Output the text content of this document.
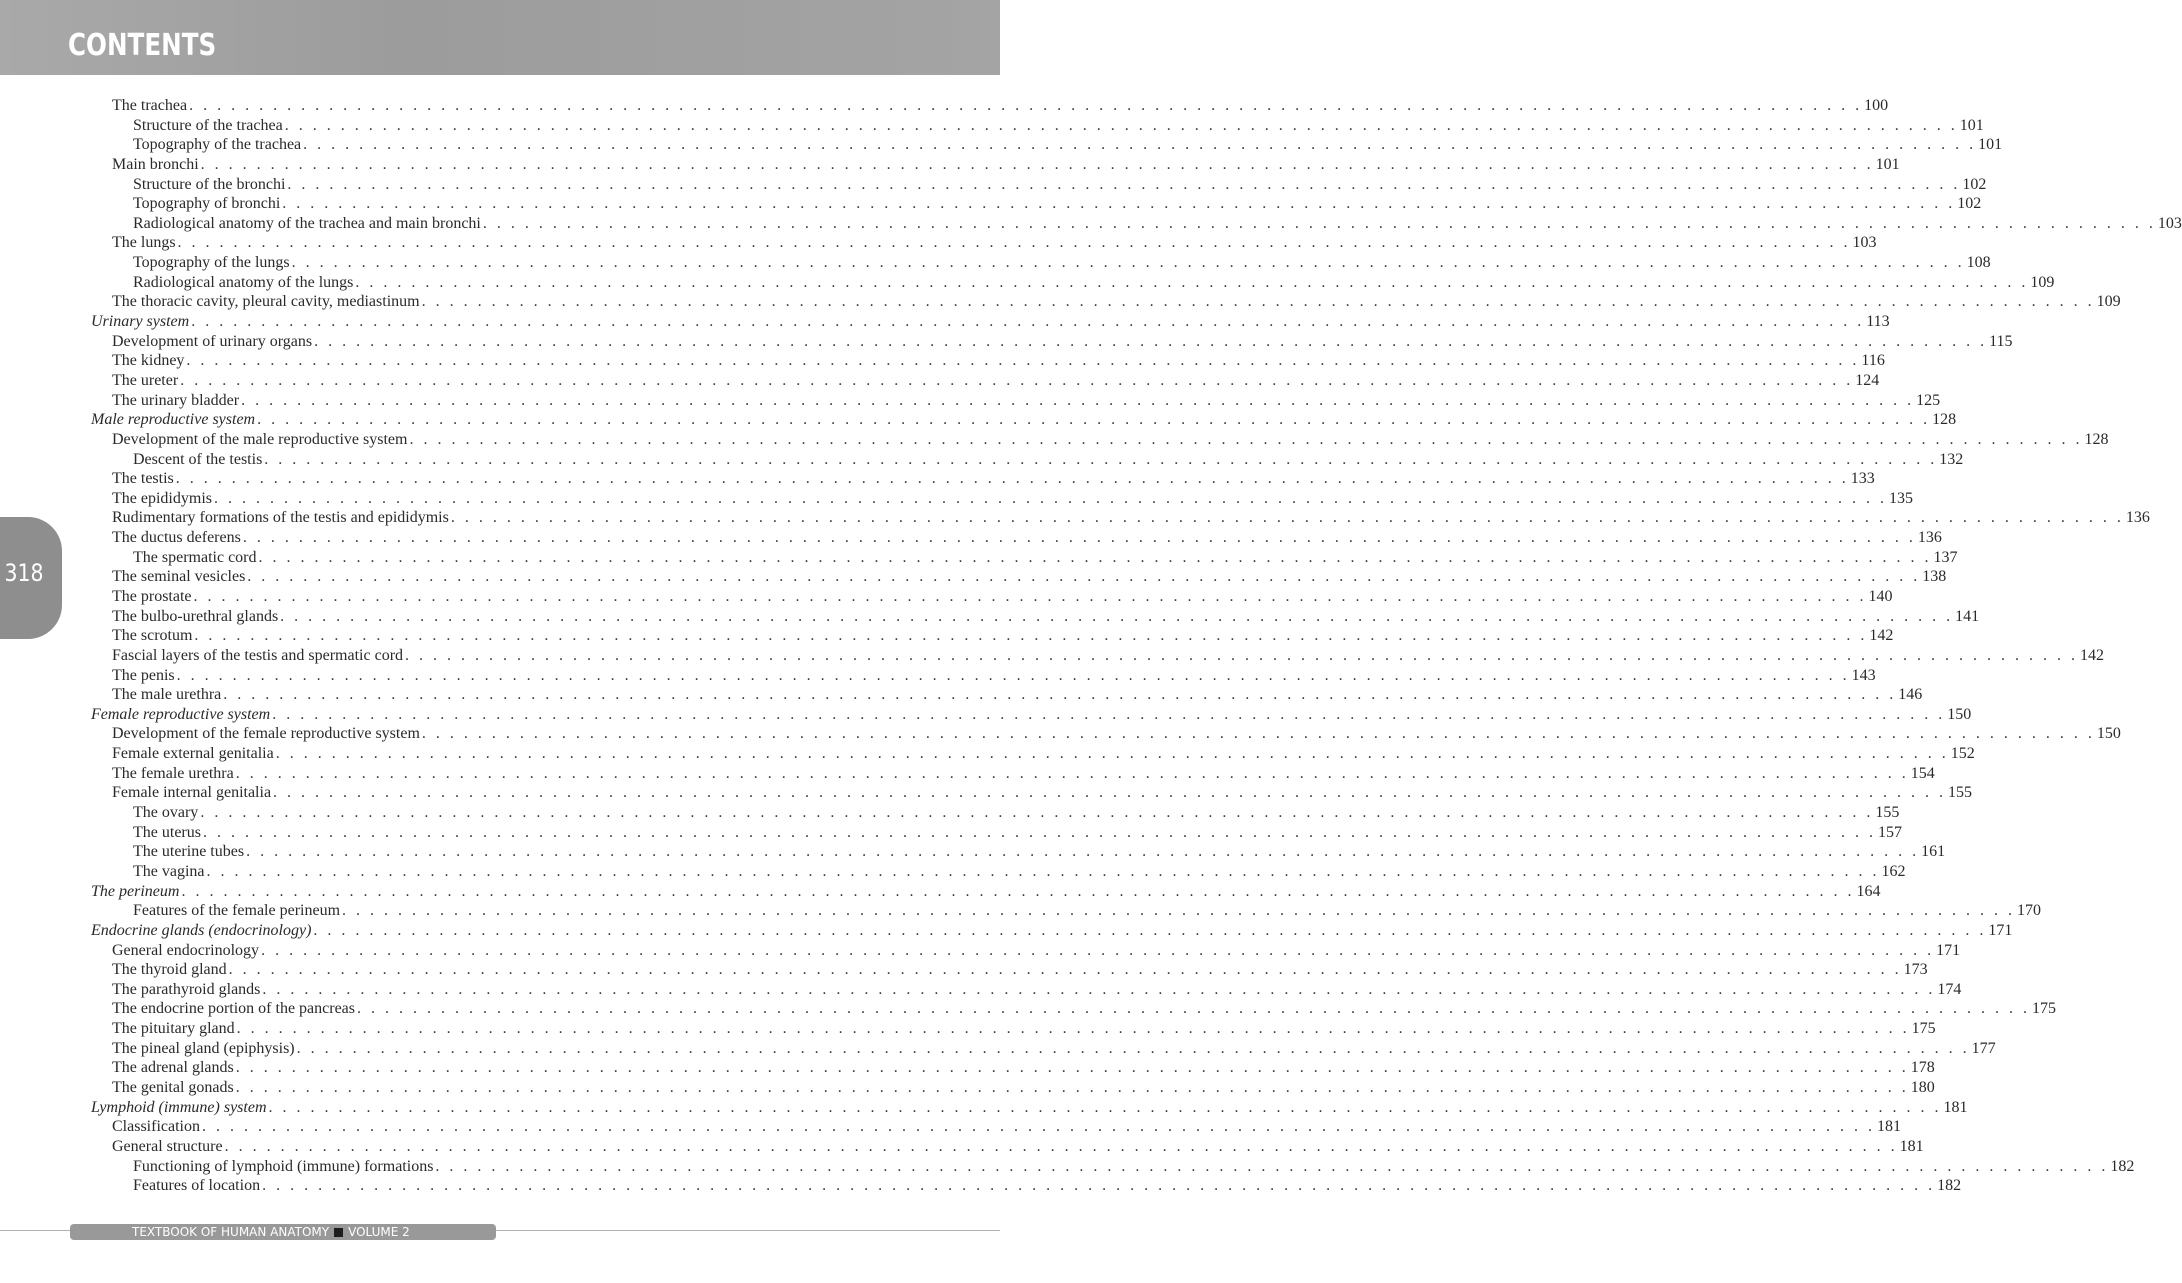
CONTENTS
318
The trachea . . . . . . . . . . . . . . . . . . . . . . . . . . . . . . . . . . . . . . . . . . . . . . . . . . . . . . . . . . . . . . . . . . . . . . . . . . . . . . . . . . . . . . . . . . . . . . . . . . . . . . . . . . . . . . . . . . . . . . . . 100
Structure of the trachea . . . . . . . . . . . . . . . . . . . . . . . . . . . . . . . . . . . . . . . . . . . . . . . . . . . . . . . . . . . . . . . . . . . . . . . . . . . . . . . . . . . . . . . . . . . . . . . . . . . . . . . . . . . . . . . . . . . . . . . . 101
Topography of the trachea . . . . . . . . . . . . . . . . . . . . . . . . . . . . . . . . . . . . . . . . . . . . . . . . . . . . . . . . . . . . . . . . . . . . . . . . . . . . . . . . . . . . . . . . . . . . . . . . . . . . . . . . . . . . . . . . . . . . . . . . 101
Main bronchi . . . . . . . . . . . . . . . . . . . . . . . . . . . . . . . . . . . . . . . . . . . . . . . . . . . . . . . . . . . . . . . . . . . . . . . . . . . . . . . . . . . . . . . . . . . . . . . . . . . . . . . . . . . . . . . . . . . . . . . . 101
Structure of the bronchi . . . . . . . . . . . . . . . . . . . . . . . . . . . . . . . . . . . . . . . . . . . . . . . . . . . . . . . . . . . . . . . . . . . . . . . . . . . . . . . . . . . . . . . . . . . . . . . . . . . . . . . . . . . . . . . . . . . . . . . . 102
Topography of bronchi . . . . . . . . . . . . . . . . . . . . . . . . . . . . . . . . . . . . . . . . . . . . . . . . . . . . . . . . . . . . . . . . . . . . . . . . . . . . . . . . . . . . . . . . . . . . . . . . . . . . . . . . . . . . . . . . . . . . . . . . 102
Radiological anatomy of the trachea and main bronchi . . . . . . . . . . . . . . . . . . . . . . . . . . . . . . . . . . . . . . . . . . . . . . . . . . . . . . . . . . . . . . . . . . . . . . . . . . . . . . . . . . . . . . . . . . . . . . . . . . . . . . . . . . . . . . . . . . . . . . . . 103
The lungs . . . . . . . . . . . . . . . . . . . . . . . . . . . . . . . . . . . . . . . . . . . . . . . . . . . . . . . . . . . . . . . . . . . . . . . . . . . . . . . . . . . . . . . . . . . . . . . . . . . . . . . . . . . . . . . . . . . . . . . . 103
Topography of the lungs . . . . . . . . . . . . . . . . . . . . . . . . . . . . . . . . . . . . . . . . . . . . . . . . . . . . . . . . . . . . . . . . . . . . . . . . . . . . . . . . . . . . . . . . . . . . . . . . . . . . . . . . . . . . . . . . . . . . . . . . 108
Radiological anatomy of the lungs . . . . . . . . . . . . . . . . . . . . . . . . . . . . . . . . . . . . . . . . . . . . . . . . . . . . . . . . . . . . . . . . . . . . . . . . . . . . . . . . . . . . . . . . . . . . . . . . . . . . . . . . . . . . . . . . . . . . . . . . 109
The thoracic cavity, pleural cavity, mediastinum . . . . . . . . . . . . . . . . . . . . . . . . . . . . . . . . . . . . . . . . . . . . . . . . . . . . . . . . . . . . . . . . . . . . . . . . . . . . . . . . . . . . . . . . . . . . . . . . . . . . . . . . . . . . . . . . . . . . . . . . 109
Urinary system . . . . . . . . . . . . . . . . . . . . . . . . . . . . . . . . . . . . . . . . . . . . . . . . . . . . . . . . . . . . . . . . . . . . . . . . . . . . . . . . . . . . . . . . . . . . . . . . . . . . . . . . . . . . . . . . . . . . . . . . 113
Development of urinary organs . . . . . . . . . . . . . . . . . . . . . . . . . . . . . . . . . . . . . . . . . . . . . . . . . . . . . . . . . . . . . . . . . . . . . . . . . . . . . . . . . . . . . . . . . . . . . . . . . . . . . . . . . . . . . . . . . . . . . . . . 115
The kidney . . . . . . . . . . . . . . . . . . . . . . . . . . . . . . . . . . . . . . . . . . . . . . . . . . . . . . . . . . . . . . . . . . . . . . . . . . . . . . . . . . . . . . . . . . . . . . . . . . . . . . . . . . . . . . . . . . . . . . . . 116
The ureter . . . . . . . . . . . . . . . . . . . . . . . . . . . . . . . . . . . . . . . . . . . . . . . . . . . . . . . . . . . . . . . . . . . . . . . . . . . . . . . . . . . . . . . . . . . . . . . . . . . . . . . . . . . . . . . . . . . . . . . . 124
The urinary bladder . . . . . . . . . . . . . . . . . . . . . . . . . . . . . . . . . . . . . . . . . . . . . . . . . . . . . . . . . . . . . . . . . . . . . . . . . . . . . . . . . . . . . . . . . . . . . . . . . . . . . . . . . . . . . . . . . . . . . . . . 125
Male reproductive system . . . . . . . . . . . . . . . . . . . . . . . . . . . . . . . . . . . . . . . . . . . . . . . . . . . . . . . . . . . . . . . . . . . . . . . . . . . . . . . . . . . . . . . . . . . . . . . . . . . . . . . . . . . . . . . . . . . . . . . . 128
Development of the male reproductive system . . . . . . . . . . . . . . . . . . . . . . . . . . . . . . . . . . . . . . . . . . . . . . . . . . . . . . . . . . . . . . . . . . . . . . . . . . . . . . . . . . . . . . . . . . . . . . . . . . . . . . . . . . . . . . . . . . . . . . . . 128
Descent of the testis . . . . . . . . . . . . . . . . . . . . . . . . . . . . . . . . . . . . . . . . . . . . . . . . . . . . . . . . . . . . . . . . . . . . . . . . . . . . . . . . . . . . . . . . . . . . . . . . . . . . . . . . . . . . . . . . . . . . . . . . 132
The testis . . . . . . . . . . . . . . . . . . . . . . . . . . . . . . . . . . . . . . . . . . . . . . . . . . . . . . . . . . . . . . . . . . . . . . . . . . . . . . . . . . . . . . . . . . . . . . . . . . . . . . . . . . . . . . . . . . . . . . . . 133
The epididymis . . . . . . . . . . . . . . . . . . . . . . . . . . . . . . . . . . . . . . . . . . . . . . . . . . . . . . . . . . . . . . . . . . . . . . . . . . . . . . . . . . . . . . . . . . . . . . . . . . . . . . . . . . . . . . . . . . . . . . . . 135
Rudimentary formations of the testis and epididymis . . . . . . . . . . . . . . . . . . . . . . . . . . . . . . . . . . . . . . . . . . . . . . . . . . . . . . . . . . . . . . . . . . . . . . . . . . . . . . . . . . . . . . . . . . . . . . . . . . . . . . . . . . . . . . . . . . . . . . . . 136
The ductus deferens . . . . . . . . . . . . . . . . . . . . . . . . . . . . . . . . . . . . . . . . . . . . . . . . . . . . . . . . . . . . . . . . . . . . . . . . . . . . . . . . . . . . . . . . . . . . . . . . . . . . . . . . . . . . . . . . . . . . . . . . 136
The spermatic cord . . . . . . . . . . . . . . . . . . . . . . . . . . . . . . . . . . . . . . . . . . . . . . . . . . . . . . . . . . . . . . . . . . . . . . . . . . . . . . . . . . . . . . . . . . . . . . . . . . . . . . . . . . . . . . . . . . . . . . . . 137
The seminal vesicles . . . . . . . . . . . . . . . . . . . . . . . . . . . . . . . . . . . . . . . . . . . . . . . . . . . . . . . . . . . . . . . . . . . . . . . . . . . . . . . . . . . . . . . . . . . . . . . . . . . . . . . . . . . . . . . . . . . . . . . . 138
The prostate . . . . . . . . . . . . . . . . . . . . . . . . . . . . . . . . . . . . . . . . . . . . . . . . . . . . . . . . . . . . . . . . . . . . . . . . . . . . . . . . . . . . . . . . . . . . . . . . . . . . . . . . . . . . . . . . . . . . . . . . 140
The bulbo-urethral glands . . . . . . . . . . . . . . . . . . . . . . . . . . . . . . . . . . . . . . . . . . . . . . . . . . . . . . . . . . . . . . . . . . . . . . . . . . . . . . . . . . . . . . . . . . . . . . . . . . . . . . . . . . . . . . . . . . . . . . . . 141
The scrotum . . . . . . . . . . . . . . . . . . . . . . . . . . . . . . . . . . . . . . . . . . . . . . . . . . . . . . . . . . . . . . . . . . . . . . . . . . . . . . . . . . . . . . . . . . . . . . . . . . . . . . . . . . . . . . . . . . . . . . . . 142
Fascial layers of the testis and spermatic cord . . . . . . . . . . . . . . . . . . . . . . . . . . . . . . . . . . . . . . . . . . . . . . . . . . . . . . . . . . . . . . . . . . . . . . . . . . . . . . . . . . . . . . . . . . . . . . . . . . . . . . . . . . . . . . . . . . . . . . . . 142
The penis . . . . . . . . . . . . . . . . . . . . . . . . . . . . . . . . . . . . . . . . . . . . . . . . . . . . . . . . . . . . . . . . . . . . . . . . . . . . . . . . . . . . . . . . . . . . . . . . . . . . . . . . . . . . . . . . . . . . . . . . 143
The male urethra . . . . . . . . . . . . . . . . . . . . . . . . . . . . . . . . . . . . . . . . . . . . . . . . . . . . . . . . . . . . . . . . . . . . . . . . . . . . . . . . . . . . . . . . . . . . . . . . . . . . . . . . . . . . . . . . . . . . . . . . 146
Female reproductive system . . . . . . . . . . . . . . . . . . . . . . . . . . . . . . . . . . . . . . . . . . . . . . . . . . . . . . . . . . . . . . . . . . . . . . . . . . . . . . . . . . . . . . . . . . . . . . . . . . . . . . . . . . . . . . . . . . . . . . . . 150
Development of the female reproductive system . . . . . . . . . . . . . . . . . . . . . . . . . . . . . . . . . . . . . . . . . . . . . . . . . . . . . . . . . . . . . . . . . . . . . . . . . . . . . . . . . . . . . . . . . . . . . . . . . . . . . . . . . . . . . . . . . . . . . . . . 150
Female external genitalia . . . . . . . . . . . . . . . . . . . . . . . . . . . . . . . . . . . . . . . . . . . . . . . . . . . . . . . . . . . . . . . . . . . . . . . . . . . . . . . . . . . . . . . . . . . . . . . . . . . . . . . . . . . . . . . . . . . . . . . . 152
The female urethra . . . . . . . . . . . . . . . . . . . . . . . . . . . . . . . . . . . . . . . . . . . . . . . . . . . . . . . . . . . . . . . . . . . . . . . . . . . . . . . . . . . . . . . . . . . . . . . . . . . . . . . . . . . . . . . . . . . . . . . . 154
Female internal genitalia . . . . . . . . . . . . . . . . . . . . . . . . . . . . . . . . . . . . . . . . . . . . . . . . . . . . . . . . . . . . . . . . . . . . . . . . . . . . . . . . . . . . . . . . . . . . . . . . . . . . . . . . . . . . . . . . . . . . . . . . 155
The ovary . . . . . . . . . . . . . . . . . . . . . . . . . . . . . . . . . . . . . . . . . . . . . . . . . . . . . . . . . . . . . . . . . . . . . . . . . . . . . . . . . . . . . . . . . . . . . . . . . . . . . . . . . . . . . . . . . . . . . . . . 155
The uterus . . . . . . . . . . . . . . . . . . . . . . . . . . . . . . . . . . . . . . . . . . . . . . . . . . . . . . . . . . . . . . . . . . . . . . . . . . . . . . . . . . . . . . . . . . . . . . . . . . . . . . . . . . . . . . . . . . . . . . . . 157
The uterine tubes . . . . . . . . . . . . . . . . . . . . . . . . . . . . . . . . . . . . . . . . . . . . . . . . . . . . . . . . . . . . . . . . . . . . . . . . . . . . . . . . . . . . . . . . . . . . . . . . . . . . . . . . . . . . . . . . . . . . . . . . 161
The vagina . . . . . . . . . . . . . . . . . . . . . . . . . . . . . . . . . . . . . . . . . . . . . . . . . . . . . . . . . . . . . . . . . . . . . . . . . . . . . . . . . . . . . . . . . . . . . . . . . . . . . . . . . . . . . . . . . . . . . . . . 162
The perineum . . . . . . . . . . . . . . . . . . . . . . . . . . . . . . . . . . . . . . . . . . . . . . . . . . . . . . . . . . . . . . . . . . . . . . . . . . . . . . . . . . . . . . . . . . . . . . . . . . . . . . . . . . . . . . . . . . . . . . . . 164
Features of the female perineum . . . . . . . . . . . . . . . . . . . . . . . . . . . . . . . . . . . . . . . . . . . . . . . . . . . . . . . . . . . . . . . . . . . . . . . . . . . . . . . . . . . . . . . . . . . . . . . . . . . . . . . . . . . . . . . . . . . . . . . . 170
Endocrine glands (endocrinology) . . . . . . . . . . . . . . . . . . . . . . . . . . . . . . . . . . . . . . . . . . . . . . . . . . . . . . . . . . . . . . . . . . . . . . . . . . . . . . . . . . . . . . . . . . . . . . . . . . . . . . . . . . . . . . . . . . . . . . . . 171
General endocrinology . . . . . . . . . . . . . . . . . . . . . . . . . . . . . . . . . . . . . . . . . . . . . . . . . . . . . . . . . . . . . . . . . . . . . . . . . . . . . . . . . . . . . . . . . . . . . . . . . . . . . . . . . . . . . . . . . . . . . . . . 171
The thyroid gland . . . . . . . . . . . . . . . . . . . . . . . . . . . . . . . . . . . . . . . . . . . . . . . . . . . . . . . . . . . . . . . . . . . . . . . . . . . . . . . . . . . . . . . . . . . . . . . . . . . . . . . . . . . . . . . . . . . . . . . . 173
The parathyroid glands . . . . . . . . . . . . . . . . . . . . . . . . . . . . . . . . . . . . . . . . . . . . . . . . . . . . . . . . . . . . . . . . . . . . . . . . . . . . . . . . . . . . . . . . . . . . . . . . . . . . . . . . . . . . . . . . . . . . . . . . 174
The endocrine portion of the pancreas . . . . . . . . . . . . . . . . . . . . . . . . . . . . . . . . . . . . . . . . . . . . . . . . . . . . . . . . . . . . . . . . . . . . . . . . . . . . . . . . . . . . . . . . . . . . . . . . . . . . . . . . . . . . . . . . . . . . . . . . 175
The pituitary gland . . . . . . . . . . . . . . . . . . . . . . . . . . . . . . . . . . . . . . . . . . . . . . . . . . . . . . . . . . . . . . . . . . . . . . . . . . . . . . . . . . . . . . . . . . . . . . . . . . . . . . . . . . . . . . . . . . . . . . . . 175
The pineal gland (epiphysis) . . . . . . . . . . . . . . . . . . . . . . . . . . . . . . . . . . . . . . . . . . . . . . . . . . . . . . . . . . . . . . . . . . . . . . . . . . . . . . . . . . . . . . . . . . . . . . . . . . . . . . . . . . . . . . . . . . . . . . . . 177
The adrenal glands . . . . . . . . . . . . . . . . . . . . . . . . . . . . . . . . . . . . . . . . . . . . . . . . . . . . . . . . . . . . . . . . . . . . . . . . . . . . . . . . . . . . . . . . . . . . . . . . . . . . . . . . . . . . . . . . . . . . . . . . 178
The genital gonads . . . . . . . . . . . . . . . . . . . . . . . . . . . . . . . . . . . . . . . . . . . . . . . . . . . . . . . . . . . . . . . . . . . . . . . . . . . . . . . . . . . . . . . . . . . . . . . . . . . . . . . . . . . . . . . . . . . . . . . . 180
Lymphoid (immune) system . . . . . . . . . . . . . . . . . . . . . . . . . . . . . . . . . . . . . . . . . . . . . . . . . . . . . . . . . . . . . . . . . . . . . . . . . . . . . . . . . . . . . . . . . . . . . . . . . . . . . . . . . . . . . . . . . . . . . . . . 181
Classification . . . . . . . . . . . . . . . . . . . . . . . . . . . . . . . . . . . . . . . . . . . . . . . . . . . . . . . . . . . . . . . . . . . . . . . . . . . . . . . . . . . . . . . . . . . . . . . . . . . . . . . . . . . . . . . . . . . . . . . . 181
General structure . . . . . . . . . . . . . . . . . . . . . . . . . . . . . . . . . . . . . . . . . . . . . . . . . . . . . . . . . . . . . . . . . . . . . . . . . . . . . . . . . . . . . . . . . . . . . . . . . . . . . . . . . . . . . . . . . . . . . . . . 181
Functioning of lymphoid (immune) formations . . . . . . . . . . . . . . . . . . . . . . . . . . . . . . . . . . . . . . . . . . . . . . . . . . . . . . . . . . . . . . . . . . . . . . . . . . . . . . . . . . . . . . . . . . . . . . . . . . . . . . . . . . . . . . . . . . . . . . . . 182
Features of location . . . . . . . . . . . . . . . . . . . . . . . . . . . . . . . . . . . . . . . . . . . . . . . . . . . . . . . . . . . . . . . . . . . . . . . . . . . . . . . . . . . . . . . . . . . . . . . . . . . . . . . . . . . . . . . . . . . . . . . . 182
TEXTBOOK OF HUMAN ANATOMY VOLUME 2
